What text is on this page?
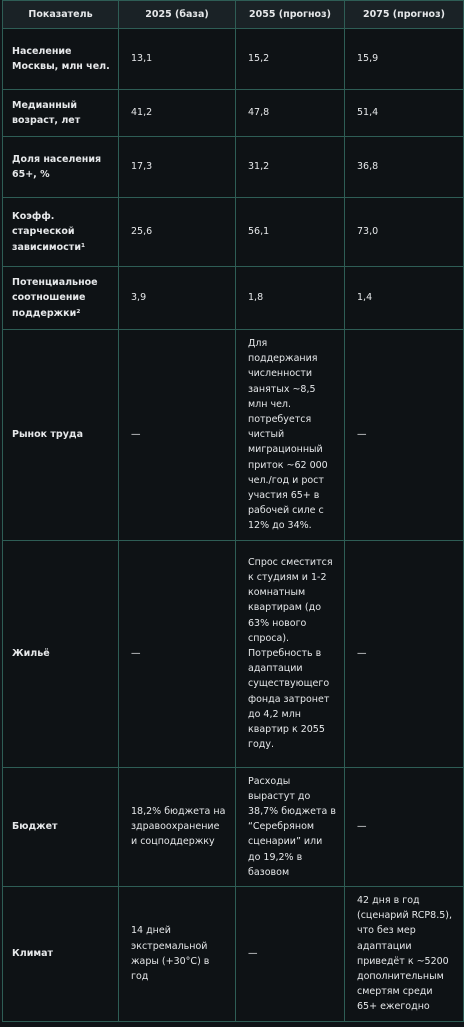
Показатель	2025 (база)	2055 (прогноз)	2075 (прогноз)
Население Москвы, млн чел.	13,1	15,2	15,9
Медианный возраст, лет	41,2	47,8	51,4
Доля населения 65+, %	17,3	31,2	36,8
Коэфф. старческой зависимости¹	25,6	56,1	73,0
Потенциальное соотношение поддержки²	3,9	1,8	1,4
Рынок труда	—	Для поддержания численности занятых ~8,5 млн чел. потребуется чистый миграционный приток ~62 000 чел./год и рост участия 65+ в рабочей силе с 12% до 34%.	—
Жильё	—	Спрос сместится к студиям и 1-2 комнатным квартирам (до 63% нового спроса). Потребность в адаптации существующего фонда затронет до 4,2 млн квартир к 2055 году.	—
Бюджет	18,2% бюджета на здравоохранение и соцподдержку	Расходы вырастут до 38,7% бюджета в “Серебряном сценарии” или до 19,2% в базовом	—
Климат	14 дней экстремальной жары (+30°C) в год	—	42 дня в год (сценарий RCP8.5), что без мер адаптации приведёт к ~5200 дополнительным смертям среди 65+ ежегодно
